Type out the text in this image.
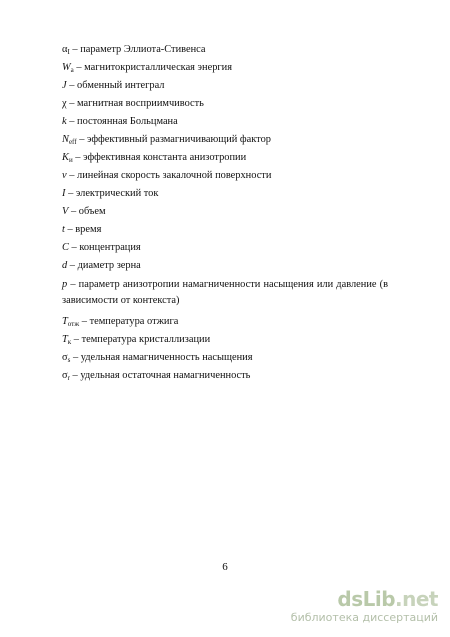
$\alpha_I$ – параметр Эллиота-Стивенса
$W_a$ – магнитокристаллическая энергия
J – обменный интеграл
χ – магнитная восприимчивость
k – постоянная Больцмана
$N_{eff}$ – эффективный размагничивающий фактор
$K_и$ – эффективная константа анизотропии
v – линейная скорость закалочной поверхности
I – электрический ток
V – объем
t – время
C – концентрация
d – диаметр зерна
p – параметр анизотропии намагниченности насыщения или давление (в зависимости от контекста)
$T_{отж}$ – температура отжига
$T_к$ – температура кристаллизации
$\sigma_s$ – удельная намагниченность насыщения
$\sigma_r$ – удельная остаточная намагниченность
6
dsLib.net
библиотека диссертаций
